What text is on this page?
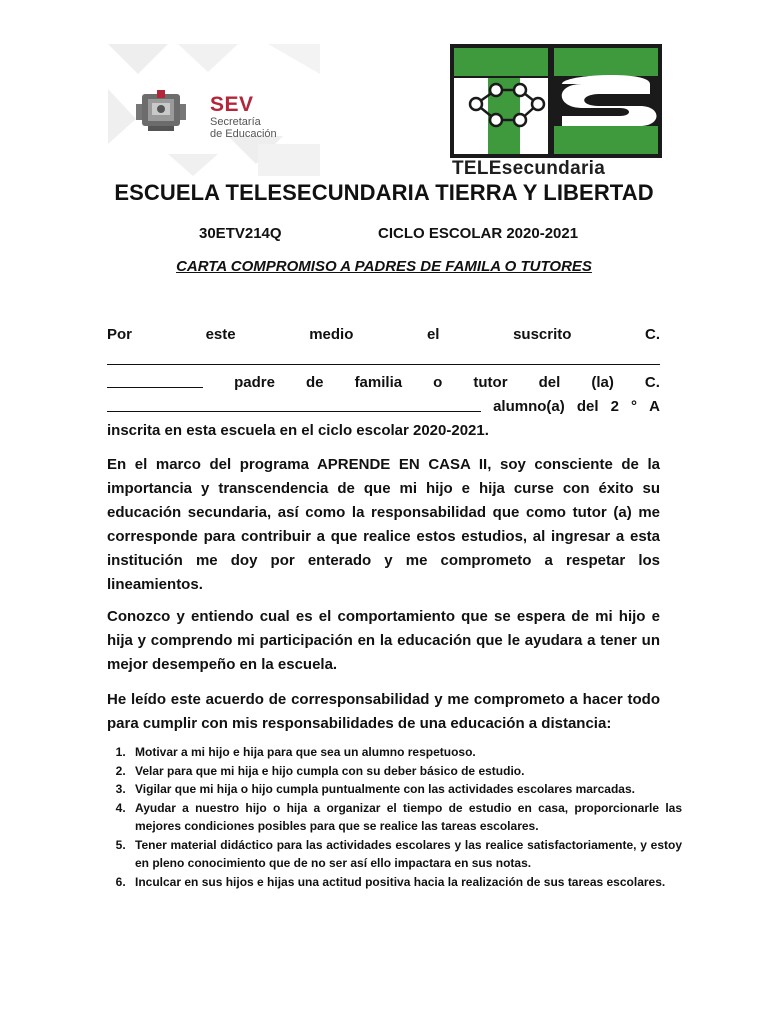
SEV
Secretaría
de Educación
TELEsecundaria
ESCUELA TELESECUNDARIA TIERRA Y LIBERTAD
30ETV214Q	CICLO ESCOLAR 2020-2021
CARTA COMPROMISO A PADRES DE FAMILA O TUTORES
Por	este	medio	el	suscrito	C.
padre de familia o tutor del (la) C.
alumno(a) del 2 ° A
inscrita en esta escuela en el ciclo escolar 2020-2021.
En el marco del programa APRENDE EN CASA II, soy consciente de la importancia y transcendencia de que mi hijo e hija curse con éxito su educación secundaria, así como la responsabilidad que como tutor (a) me corresponde para contribuir a que realice estos estudios, al ingresar a esta institución me doy por enterado y me comprometo a respetar los lineamientos.
Conozco y entiendo cual es el comportamiento que se espera de mi hijo e hija y comprendo mi participación en la educación que le ayudara a tener un mejor desempeño en la escuela.
He leído este acuerdo de corresponsabilidad y me comprometo a hacer todo para cumplir con mis responsabilidades de una educación a distancia:
1. Motivar a mi hijo e hija para que sea un alumno respetuoso.
2. Velar para que mi hija e hijo cumpla con su deber básico de estudio.
3. Vigilar que mi hija o hijo cumpla puntualmente con las actividades escolares marcadas.
4. Ayudar a nuestro hijo o hija a organizar el tiempo de estudio en casa, proporcionarle las mejores condiciones posibles para que se realice las tareas escolares.
5. Tener material didáctico para las actividades escolares y las realice satisfactoriamente, y estoy en pleno conocimiento que de no ser así ello impactara en sus notas.
6. Inculcar en sus hijos e hijas una actitud positiva hacia la realización de sus tareas escolares.
